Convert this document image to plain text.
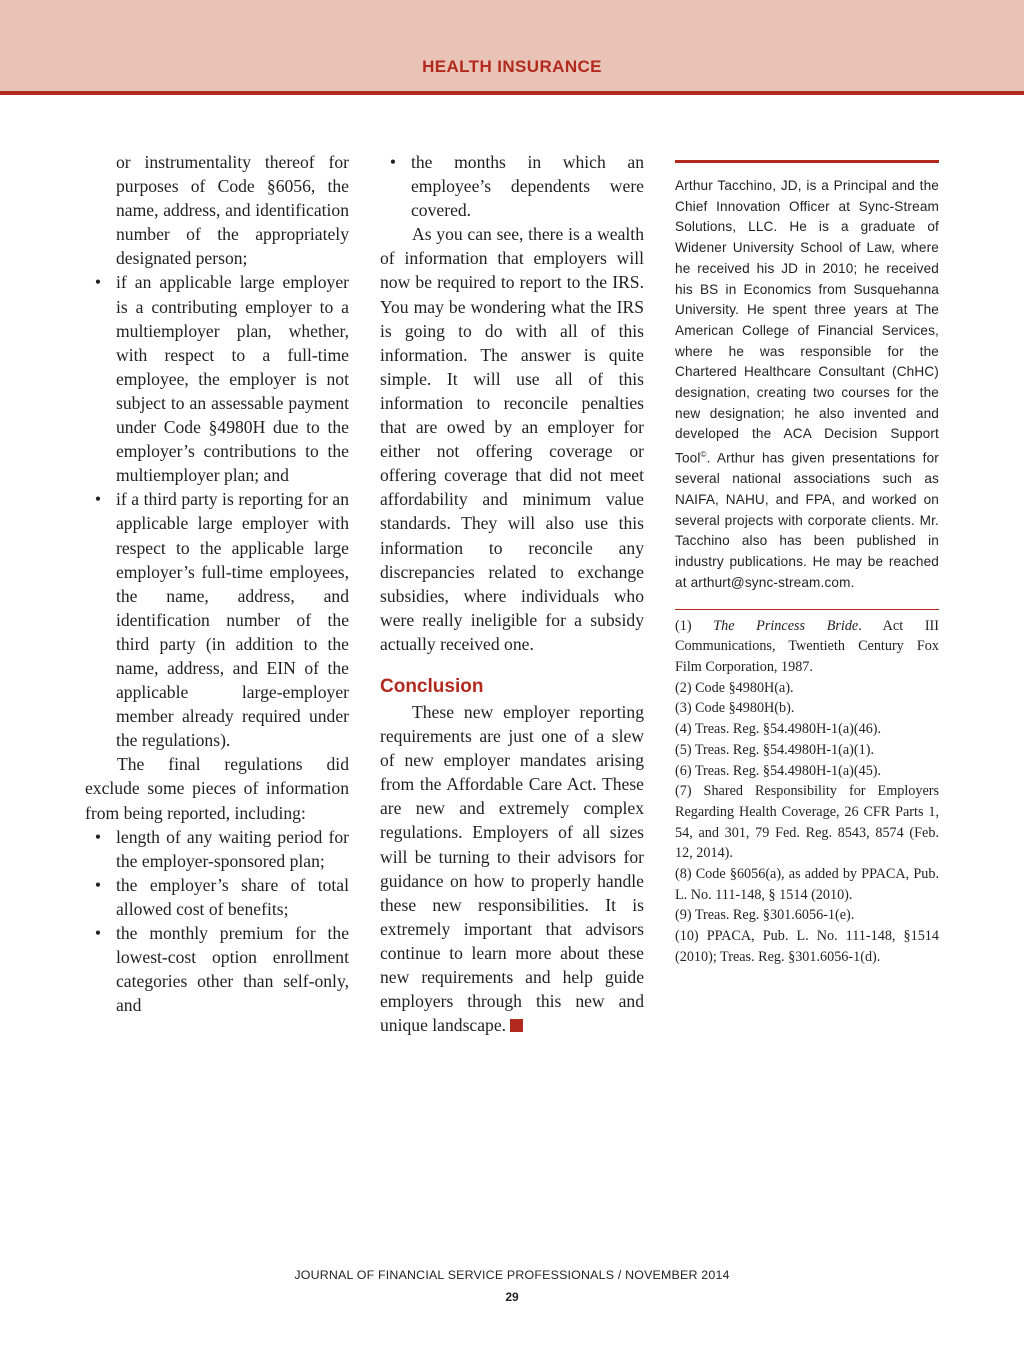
HEALTH INSURANCE
or instrumentality thereof for purposes of Code §6056, the name, address, and identification number of the appropriately designated person;
• if an applicable large employer is a contributing employer to a multiemployer plan, whether, with respect to a full-time employee, the employer is not subject to an assessable payment under Code §4980H due to the employer’s contributions to the multiemployer plan; and
• if a third party is reporting for an applicable large employer with respect to the applicable large employer’s full-time employees, the name, address, and identification number of the third party (in addition to the name, address, and EIN of the applicable large-employer member already required under the regulations).

The final regulations did exclude some pieces of information from being reported, including:

• length of any waiting period for the employer-sponsored plan;
• the employer’s share of total allowed cost of benefits;
• the monthly premium for the lowest-cost option enrollment categories other than self-only, and
• the months in which an employee’s dependents were covered.

As you can see, there is a wealth of information that employers will now be required to report to the IRS. You may be wondering what the IRS is going to do with all of this information. The answer is quite simple. It will use all of this information to reconcile penalties that are owed by an employer for either not offering coverage or offering coverage that did not meet affordability and minimum value standards. They will also use this information to reconcile any discrepancies related to exchange subsidies, where individuals who were really ineligible for a subsidy actually received one.

Conclusion

These new employer reporting requirements are just one of a slew of new employer mandates arising from the Affordable Care Act. These are new and extremely complex regulations. Employers of all sizes will be turning to their advisors for guidance on how to properly handle these new responsibilities. It is extremely important that advisors continue to learn more about these new requirements and help guide employers through this new and unique landscape.

Arthur Tacchino, JD, is a Principal and the Chief Innovation Officer at Sync-Stream Solutions, LLC. He is a graduate of Widener University School of Law, where he received his JD in 2010; he received his BS in Economics from Susquehanna University. He spent three years at The American College of Financial Services, where he was responsible for the Chartered Healthcare Consultant (ChHC) designation, creating two courses for the new designation; he also invented and developed the ACA Decision Support Tool©. Arthur has given presentations for several national associations such as NAIFA, NAHU, and FPA, and worked on several projects with corporate clients. Mr. Tacchino also has been published in industry publications. He may be reached at arthurt@sync-stream.com.
(1) The Princess Bride. Act III Communications, Twentieth Century Fox Film Corporation, 1987.
(2) Code §4980H(a).
(3) Code §4980H(b).
(4) Treas. Reg. §54.4980H-1(a)(46).
(5) Treas. Reg. §54.4980H-1(a)(1).
(6) Treas. Reg. §54.4980H-1(a)(45).
(7) Shared Responsibility for Employers Regarding Health Coverage, 26 CFR Parts 1, 54, and 301, 79 Fed. Reg. 8543, 8574 (Feb. 12, 2014).
(8) Code §6056(a), as added by PPACA, Pub. L. No. 111-148, § 1514 (2010).
(9) Treas. Reg. §301.6056-1(e).
(10) PPACA, Pub. L. No. 111-148, §1514 (2010); Treas. Reg. §301.6056-1(d).
JOURNAL OF FINANCIAL SERVICE PROFESSIONALS / NOVEMBER 2014
29
